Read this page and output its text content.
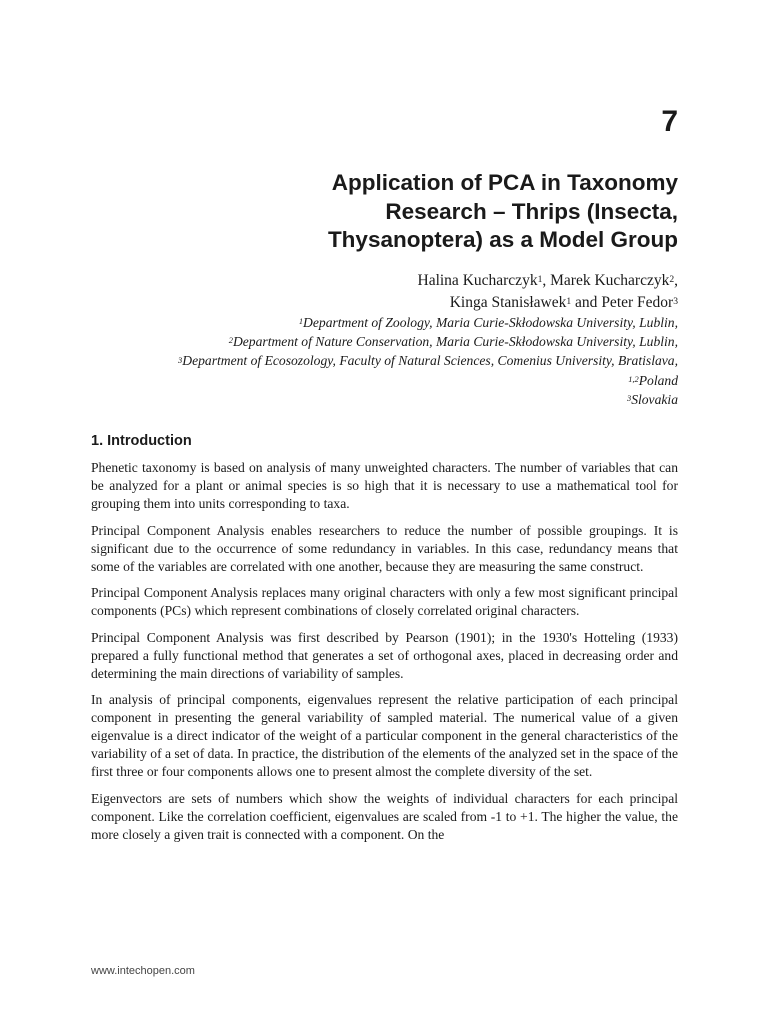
7
Application of PCA in Taxonomy
Research – Thrips (Insecta,
Thysanoptera) as a Model Group
Halina Kucharczyk$^1$, Marek Kucharczyk$^2$,
Kinga Stanisławek$^1$ and Peter Fedor$^3$
$^1$Department of Zoology, Maria Curie-Skłodowska University, Lublin,
$^2$Department of Nature Conservation, Maria Curie-Skłodowska University, Lublin,
$^3$Department of Ecosozology, Faculty of Natural Sciences, Comenius University, Bratislava,
$^{1,2}$Poland
$^3$Slovakia
1. Introduction

Phenetic taxonomy is based on analysis of many unweighted characters. The number of variables that can be analyzed for a plant or animal species is so high that it is necessary to use a mathematical tool for grouping them into units corresponding to taxa.

Principal Component Analysis enables researchers to reduce the number of possible groupings. It is significant due to the occurrence of some redundancy in variables. In this case, redundancy means that some of the variables are correlated with one another, because they are measuring the same construct.

Principal Component Analysis replaces many original characters with only a few most significant principal components (PCs) which represent combinations of closely correlated original characters.

Principal Component Analysis was first described by Pearson (1901); in the 1930's Hotteling (1933) prepared a fully functional method that generates a set of orthogonal axes, placed in decreasing order and determining the main directions of variability of samples.

In analysis of principal components, eigenvalues represent the relative participation of each principal component in presenting the general variability of sampled material. The numerical value of a given eigenvalue is a direct indicator of the weight of a particular component in the general characteristics of the variability of a set of data. In practice, the distribution of the elements of the analyzed set in the space of the first three or four components allows one to present almost the complete diversity of the set.

Eigenvectors are sets of numbers which show the weights of individual characters for each principal component. Like the correlation coefficient, eigenvalues are scaled from -1 to +1. The higher the value, the more closely a given trait is connected with a component. On the

www.intechopen.com
